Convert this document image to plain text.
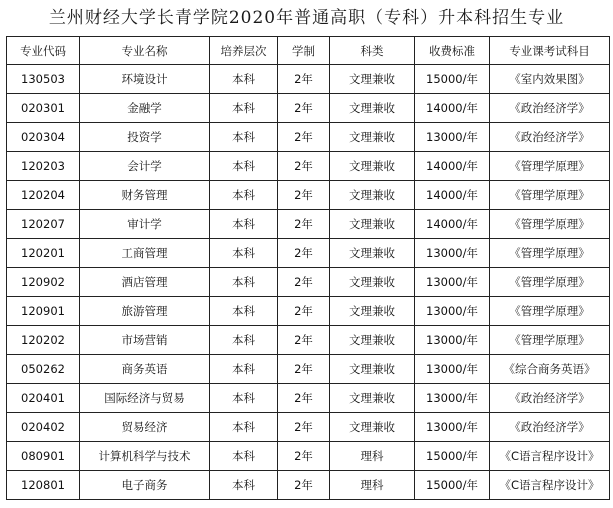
兰州财经大学长青学院2020年普通高职（专科）升本科招生专业
专业代码	专业名称	培养层次	学制	科类	收费标准	专业课考试科目
130503	环境设计	本科	2年	文理兼收	15000/年	《室内效果图》
020301	金融学	本科	2年	文理兼收	14000/年	《政治经济学》
020304	投资学	本科	2年	文理兼收	13000/年	《政治经济学》
120203	会计学	本科	2年	文理兼收	14000/年	《管理学原理》
120204	财务管理	本科	2年	文理兼收	14000/年	《管理学原理》
120207	审计学	本科	2年	文理兼收	14000/年	《管理学原理》
120201	工商管理	本科	2年	文理兼收	13000/年	《管理学原理》
120902	酒店管理	本科	2年	文理兼收	13000/年	《管理学原理》
120901	旅游管理	本科	2年	文理兼收	13000/年	《管理学原理》
120202	市场营销	本科	2年	文理兼收	13000/年	《管理学原理》
050262	商务英语	本科	2年	文理兼收	13000/年	《综合商务英语》
020401	国际经济与贸易	本科	2年	文理兼收	13000/年	《政治经济学》
020402	贸易经济	本科	2年	文理兼收	13000/年	《政治经济学》
080901	计算机科学与技术	本科	2年	理科	15000/年	《C语言程序设计》
120801	电子商务	本科	2年	理科	15000/年	《C语言程序设计》
